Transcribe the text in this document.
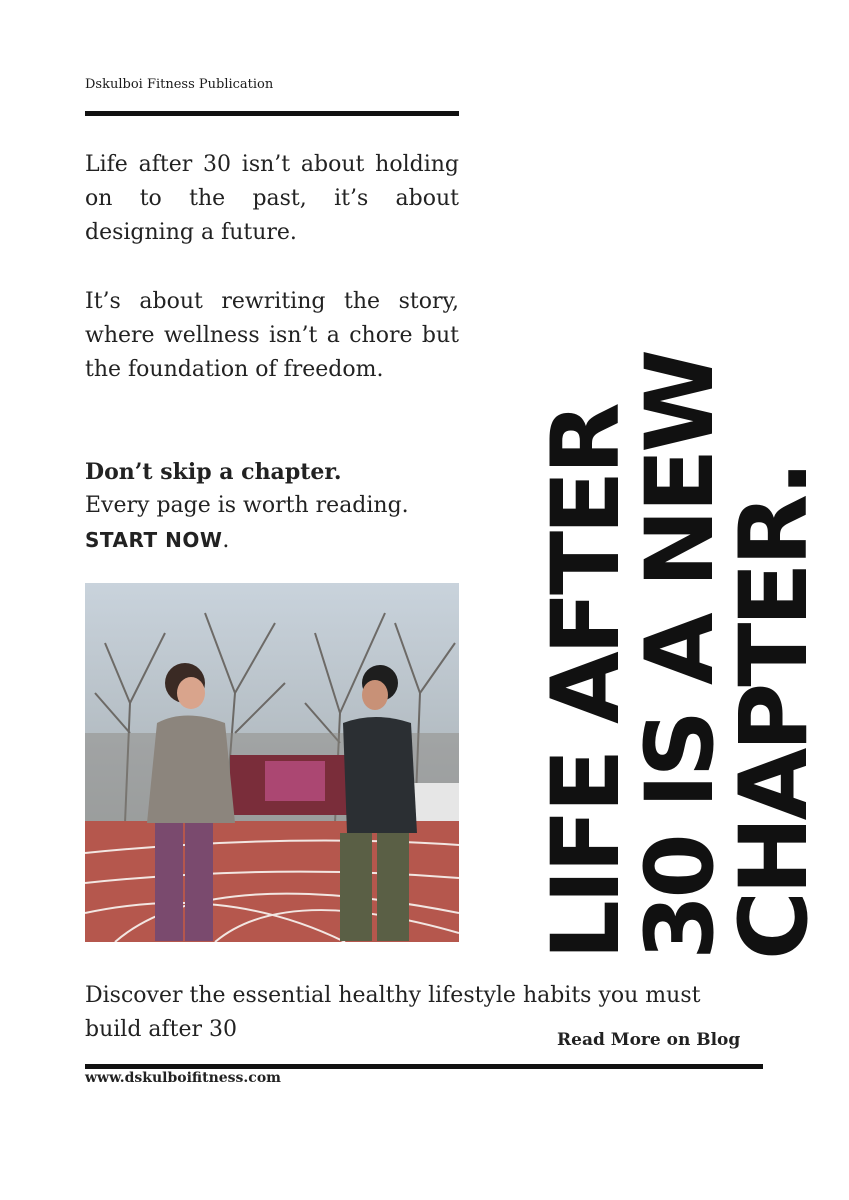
Dskulboi Fitness Publication

Life after 30 isn’t about holding on to the past, it’s about designing a future.

It’s about rewriting the story, where wellness isn’t a chore but the foundation of freedom.

Don’t skip a chapter.
Every page is worth reading.
START NOW.	LIFE AFTER
30 IS A NEW
CHAPTER.

Discover the essential healthy lifestyle habits you must build after 30	Read More on Blog
www.dskulboifitness.com
